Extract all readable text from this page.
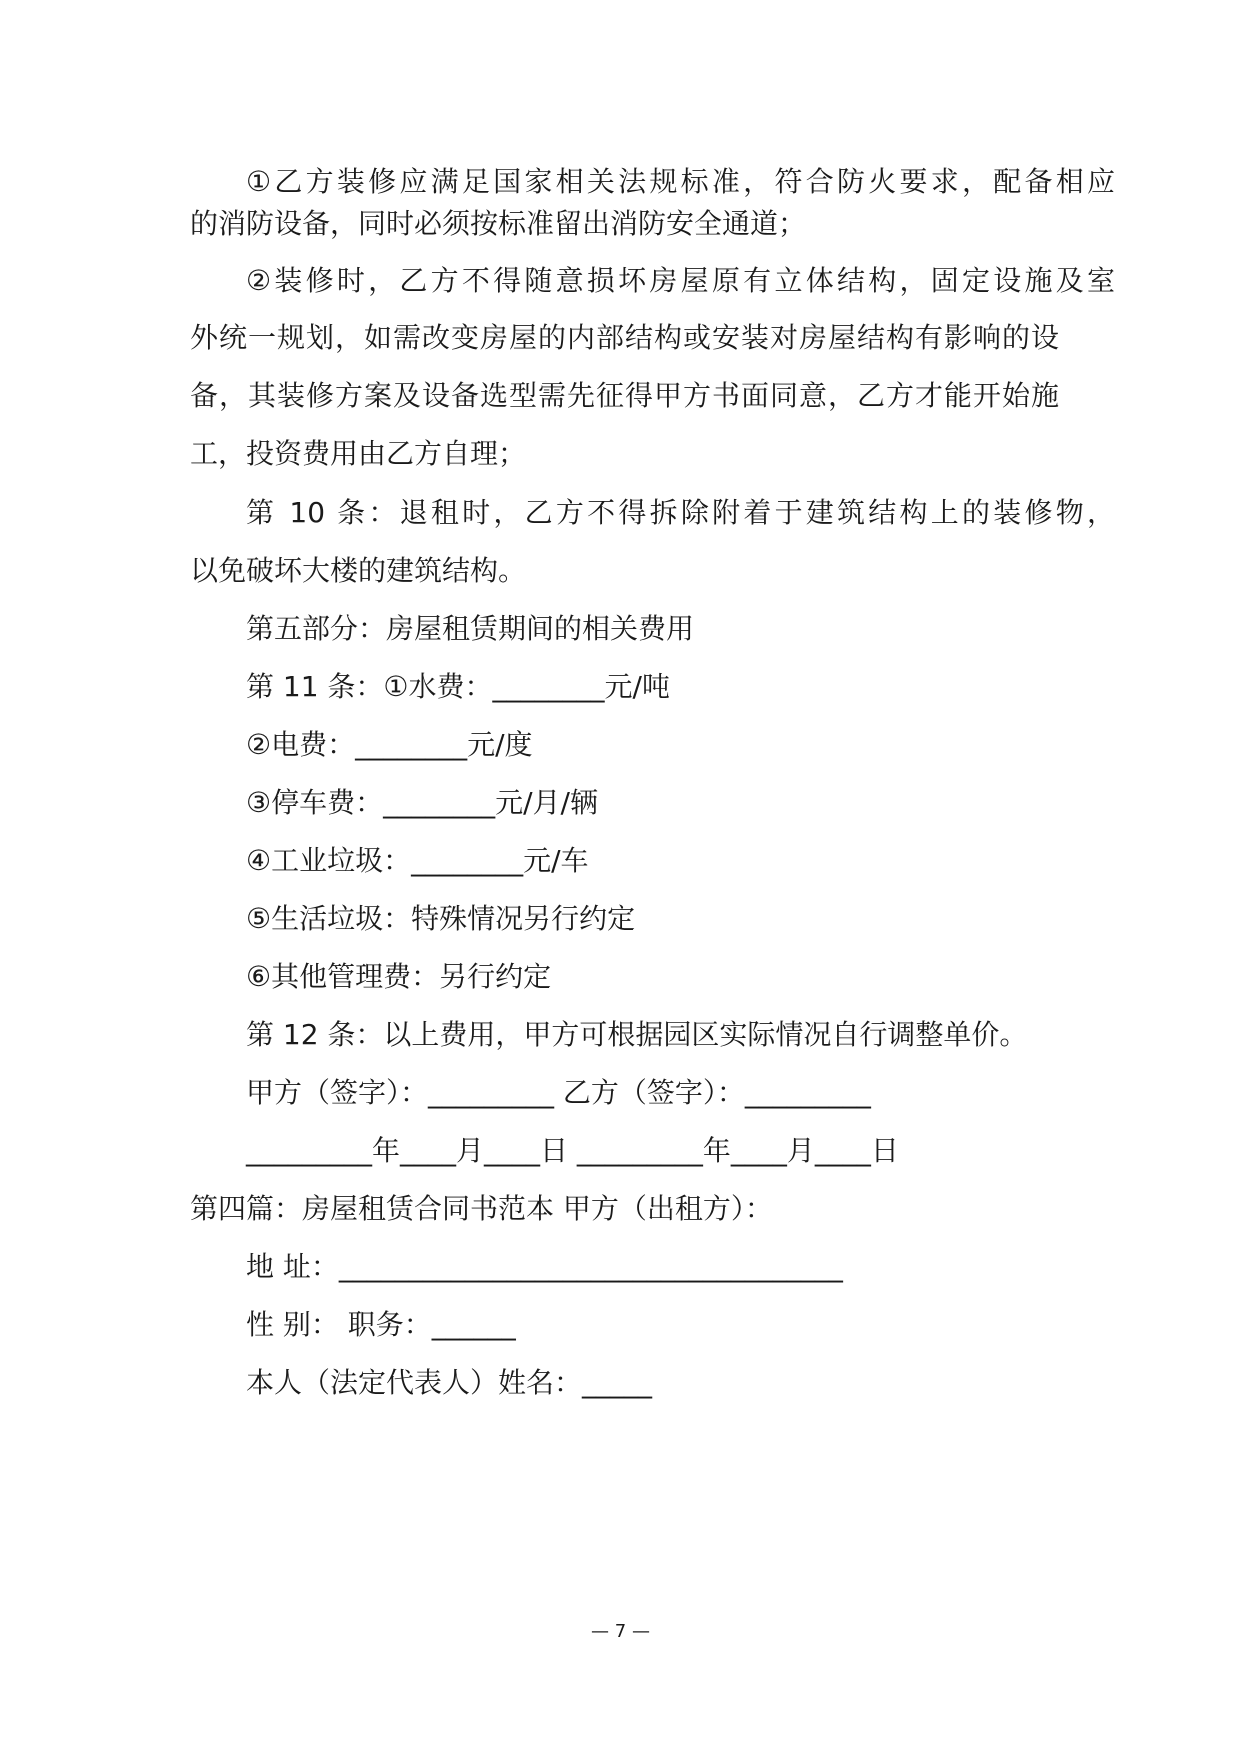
①乙方装修应满足国家相关法规标准，符合防火要求，配备相应
的消防设备，同时必须按标准留出消防安全通道；
②装修时，乙方不得随意损坏房屋原有立体结构，固定设施及室
外统一规划，如需改变房屋的内部结构或安装对房屋结构有影响的设
备，其装修方案及设备选型需先征得甲方书面同意，乙方才能开始施
工，投资费用由乙方自理；
第 10 条：退租时，乙方不得拆除附着于建筑结构上的装修物，
以免破坏大楼的建筑结构。
第五部分：房屋租赁期间的相关费用
第 11 条：①水费：________元/吨
②电费：________元/度
③停车费：________元/月/辆
④工业垃圾：________元/车
⑤生活垃圾：特殊情况另行约定
⑥其他管理费：另行约定
第 12 条：以上费用，甲方可根据园区实际情况自行调整单价。
甲方（签字）：_________ 乙方（签字）：_________
_________年____月____日 _________年____月____日
第四篇：房屋租赁合同书范本 甲方（出租方）：
地 址：____________________________________
性 别： 职务：______
本人（法定代表人）姓名：_____
— 7 —
